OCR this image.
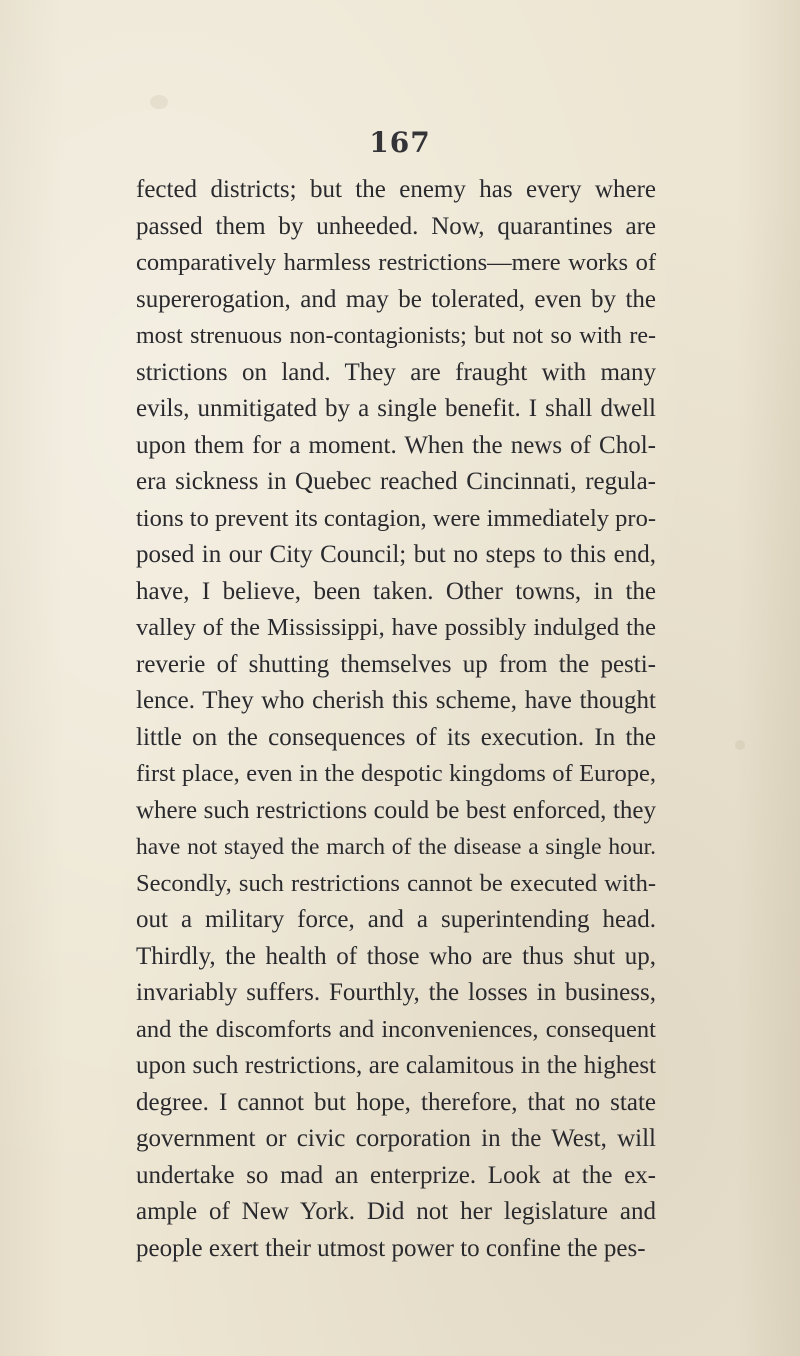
167
fected districts; but the enemy has every where
passed them by unheeded. Now, quarantines are
comparatively harmless restrictions—mere works of
supererogation, and may be tolerated, even by the
most strenuous non-contagionists; but not so with re-
strictions on land. They are fraught with many
evils, unmitigated by a single benefit. I shall dwell
upon them for a moment. When the news of Chol-
era sickness in Quebec reached Cincinnati, regula-
tions to prevent its contagion, were immediately pro-
posed in our City Council; but no steps to this end,
have, I believe, been taken. Other towns, in the
valley of the Mississippi, have possibly indulged the
reverie of shutting themselves up from the pesti-
lence. They who cherish this scheme, have thought
little on the consequences of its execution. In the
first place, even in the despotic kingdoms of Europe,
where such restrictions could be best enforced, they
have not stayed the march of the disease a single hour.
Secondly, such restrictions cannot be executed with-
out a military force, and a superintending head.
Thirdly, the health of those who are thus shut up,
invariably suffers. Fourthly, the losses in business,
and the discomforts and inconveniences, consequent
upon such restrictions, are calamitous in the highest
degree. I cannot but hope, therefore, that no state
government or civic corporation in the West, will
undertake so mad an enterprize. Look at the ex-
ample of New York. Did not her legislature and
people exert their utmost power to confine the pes-
